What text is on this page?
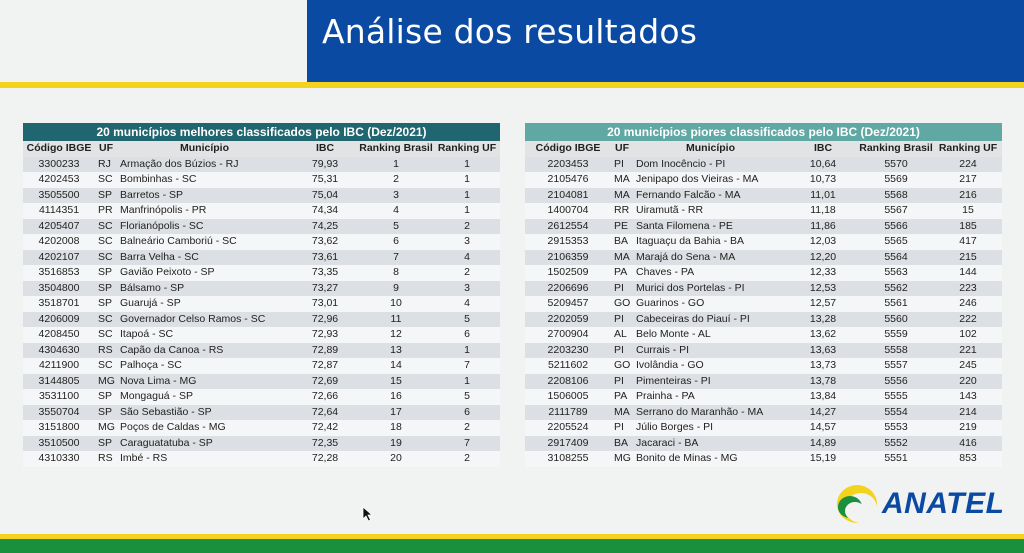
Análise dos resultados
20 municípios melhores classificados pelo IBC (Dez/2021)
Código IBGE	UF	Município	IBC	Ranking Brasil	Ranking UF
3300233	RJ	Armação dos Búzios - RJ	79,93	1	1
4202453	SC	Bombinhas - SC	75,31	2	1
3505500	SP	Barretos - SP	75,04	3	1
4114351	PR	Manfrinópolis - PR	74,34	4	1
4205407	SC	Florianópolis - SC	74,25	5	2
4202008	SC	Balneário Camboriú - SC	73,62	6	3
4202107	SC	Barra Velha - SC	73,61	7	4
3516853	SP	Gavião Peixoto - SP	73,35	8	2
3504800	SP	Bálsamo - SP	73,27	9	3
3518701	SP	Guarujá - SP	73,01	10	4
4206009	SC	Governador Celso Ramos - SC	72,96	11	5
4208450	SC	Itapoá - SC	72,93	12	6
4304630	RS	Capão da Canoa - RS	72,89	13	1
4211900	SC	Palhoça - SC	72,87	14	7
3144805	MG	Nova Lima - MG	72,69	15	1
3531100	SP	Mongaguá - SP	72,66	16	5
3550704	SP	São Sebastião - SP	72,64	17	6
3151800	MG	Poços de Caldas - MG	72,42	18	2
3510500	SP	Caraguatatuba - SP	72,35	19	7
4310330	RS	Imbé - RS	72,28	20	2
20 municípios piores classificados pelo IBC (Dez/2021)
Código IBGE	UF	Município	IBC	Ranking Brasil	Ranking UF
2203453	PI	Dom Inocêncio - PI	10,64	5570	224
2105476	MA	Jenipapo dos Vieiras - MA	10,73	5569	217
2104081	MA	Fernando Falcão - MA	11,01	5568	216
1400704	RR	Uiramutã - RR	11,18	5567	15
2612554	PE	Santa Filomena - PE	11,86	5566	185
2915353	BA	Itaguaçu da Bahia - BA	12,03	5565	417
2106359	MA	Marajá do Sena - MA	12,20	5564	215
1502509	PA	Chaves - PA	12,33	5563	144
2206696	PI	Murici dos Portelas - PI	12,53	5562	223
5209457	GO	Guarinos - GO	12,57	5561	246
2202059	PI	Cabeceiras do Piauí - PI	13,28	5560	222
2700904	AL	Belo Monte - AL	13,62	5559	102
2203230	PI	Currais - PI	13,63	5558	221
5211602	GO	Ivolândia - GO	13,73	5557	245
2208106	PI	Pimenteiras - PI	13,78	5556	220
1506005	PA	Prainha - PA	13,84	5555	143
2111789	MA	Serrano do Maranhão - MA	14,27	5554	214
2205524	PI	Júlio Borges - PI	14,57	5553	219
2917409	BA	Jacaraci - BA	14,89	5552	416
3108255	MG	Bonito de Minas - MG	15,19	5551	853
ANATEL
